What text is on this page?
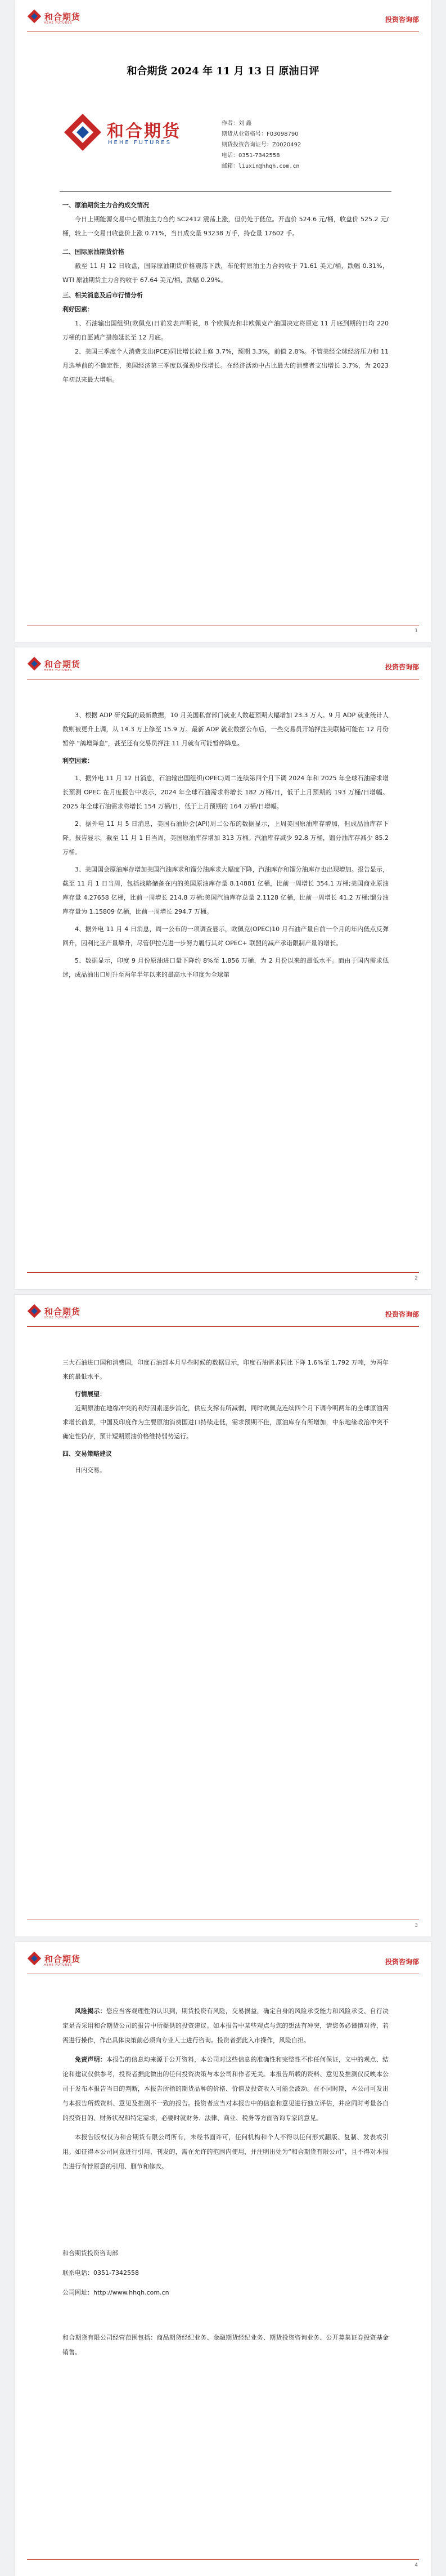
和合期货
HEHE FUTURES	投资咨询部
和合期货 2024 年 11 月 13 日 原油日评
和合期货
HEHE FUTURES
作者：刘 鑫
期货从业资格号：F03098790
期货投资咨询证号：Z0020492
电话：0351-7342558
邮箱：liuxin@hhqh.com.cn
一、原油期货主力合约成交情况

今日上期能源交易中心原油主力合约 SC2412 震荡上涨，但仍处于低位。开盘价 524.6 元/桶，收盘价 525.2 元/桶，较上一交易日收盘价上涨 0.71%，当日成交量 93238 万手，持仓量 17602 手。

二、国际原油期货价格

截至 11 月 12 日收盘，国际原油期货价格震荡下跌，布伦特原油主力合约收于 71.61 美元/桶，跌幅 0.31%，WTI 原油期货主力合约收于 67.64 美元/桶，跌幅 0.29%。

三、相关消息及后市行情分析
利好因素：

1、石油输出国组织(欧佩克)日前发表声明说，8 个欧佩克和非欧佩克产油国决定将原定 11 月底到期的日均 220 万桶的自愿减产措施延长至 12 月底。

2、美国三季度个人消费支出(PCE)同比增长较上修 3.7%，预期 3.3%，前值 2.8%。不管美经全球经济压力和 11 月选举前的不确定性，美国经济第三季度以强劲步伐增长。在经济活动中占比最大的消费者支出增长 3.7%，为 2023 年初以来最大增幅。

1
和合期货
HEHE FUTURES	投资咨询部

3、根据 ADP 研究院的最新数据，10 月美国私营部门就业人数超预期大幅增加 23.3 万人。9 月 ADP 就业统计人数则被更升上调，从 14.3 万上修至 15.9 万。最新 ADP 就业数据公布后，一些交易员开始押注美联储可能在 12 月份暂停 “鸽增降息”，甚至还有交易员押注 11 月就有可能暂停降息。

利空因素：

1、据外电 11 月 12 日消息，石油输出国组织(OPEC)周二连续第四个月下调 2024 年和 2025 年全球石油需求增长预测 OPEC 在月度报告中表示，2024 年全球石油需求将增长 182 万桶/日，低于上月预期的 193 万桶/日增幅。2025 年全球石油需求将增长 154 万桶/日，低于上月预期的 164 万桶/日增幅。

2、据外电 11 月 5 日消息，美国石油协会(API)周二公布的数据显示，上周美国原油库存增加，但成品油库存下降。报告显示，截至 11 月 1 日当周，美国原油库存增加 313 万桶。汽油库存减少 92.8 万桶，馏分油库存减少 85.2 万桶。

3、美国国会原油库存增加美国汽油库求和馏分油库求大幅度下降，汽油库存和馏分油库存也出现增加。报告显示，截至 11 月 1 日当周，包括战略储备在内的美国原油库存量 8.14881 亿桶，比前一周增长 354.1 万桶;美国商业原油库存量 4.27658 亿桶，比前一周增长 214.8 万桶;美国汽油库存总量 2.1128 亿桶，比前一周增长 41.2 万桶;馏分油库存量为 1.15809 亿桶，比前一周增长 294.7 万桶。

4、据外电 11 月 4 日消息，周一公布的一项调查显示，欧佩克(OPEC)10 月石油产量自前一个月的年内低点反弹回升，因利比亚产量攀升，尽管伊拉克进一步努力履行其对 OPEC+ 联盟的减产承诺限制产量的增长。

5、数据显示，印度 9 月份原油进口量下降约 8%至 1,856 万桶，为 2 月份以来的最低水平。而由于国内需求低迷，成品油出口则升至两年半年以来的最高水平印度为全球第

2
和合期货
HEHE FUTURES	投资咨询部

三大石油进口国和消费国，印度石油部本月早些时候的数据显示，印度石油需求同比下降 1.6%至 1,792 万吨，为两年来的最低水平。

行情展望：

近期原油在地缘冲突的利好因素逐步消化，供应支撑有所减弱，同时欧佩克连续四个月下调今明两年的全球原油需求增长前景，中国及印度作为主要原油消费国进口持续走低，需求预期不佳，原油库存有所增加，中东地缘政治冲突不确定性仍存，预计短期原油价格维持弱势运行。

四、交易策略建议

日内交易。

3
和合期货
HEHE FUTURES	投资咨询部

风险揭示：您应当客观理性的认识到，期货投资有风险，交易损益，确定自身的风险承受能力和风险承受、自行决定是否采用和合期货公司的报告中所提供的投资建议。如本报告中某些观点与您的想法有冲突，请您务必谨慎对待，若需进行操作，作出具体决策前必须向专业人士进行咨询。投资者据此入市操作，风险自担。

免责声明：本报告的信息均来源于公开资料，本公司对这些信息的准确性和完整性不作任何保证，文中的观点、结论和建议仅供参考，投资者据此做出的任何投资决策与本公司和作者无关。本报告所载的资料、意见及推测仅反映本公司于发布本报告当日的判断，本报告所指的期货品种的价格、价值及投资收入可能会波动。在不同时期，本公司可发出与本报告所载资料、意见及推测不一致的报告。投资者应当对本报告中的信息和意见进行独立评估，并应同时考量各自的投资目的、财务状况和特定需求，必要时就财务、法律、商业、税务等方面咨询专家的意见。

本报告版权仅为和合期货有限公司所有，未经书面许可，任何机构和个人不得以任何形式翻版、复制、发表或引用。如征得本公司同意进行引用、刊发的，需在允许的范围内使用，并注明出处为“和合期货有限公司”，且不得对本报告进行有悖原意的引用、删节和修改。

和合期货投资咨询部
联系电话：0351-7342558
公司网址：http://www.hhqh.com.cn

和合期货有限公司经营范围包括：商品期货经纪业务、金融期货经纪业务、期货投资咨询业务、公开募集证券投资基金销售。

4
